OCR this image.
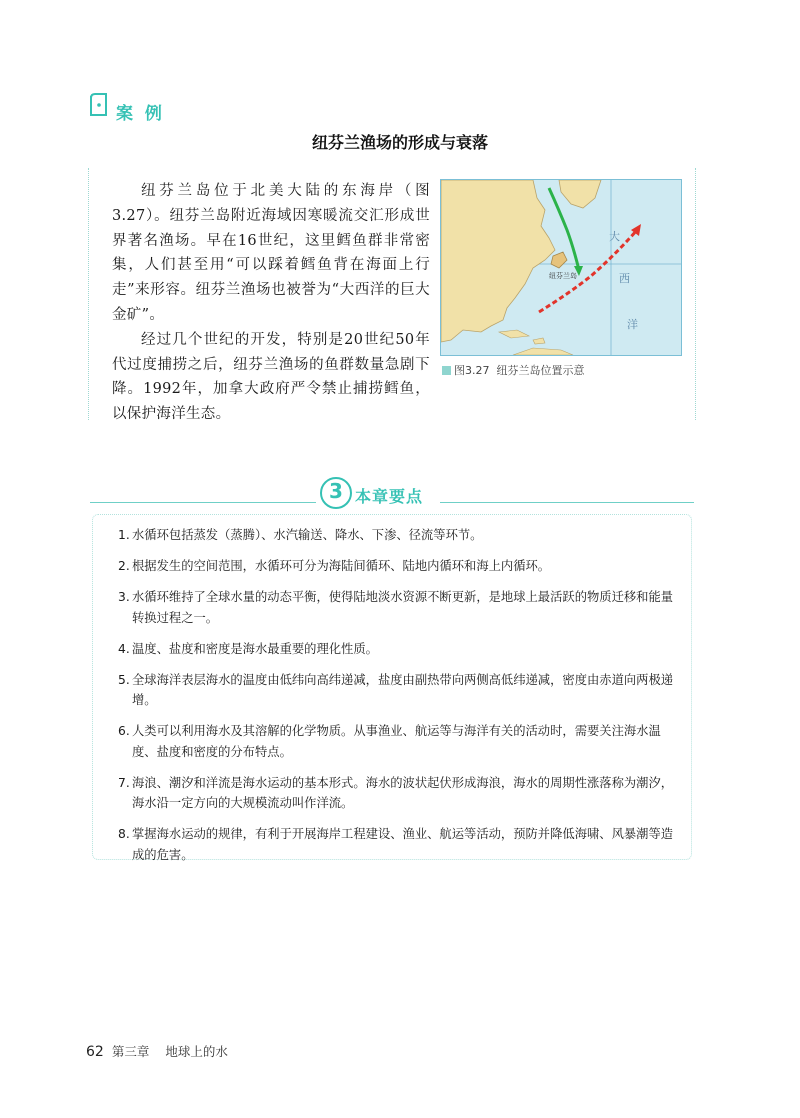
案 例
纽芬兰渔场的形成与衰落

纽芬兰岛位于北美大陆的东海岸（图3.27）。纽芬兰岛附近海域因寒暖流交汇形成世界著名渔场。早在16世纪，这里鳕鱼群非常密集，人们甚至用“可以踩着鳕鱼背在海面上行走”来形容。纽芬兰渔场也被誉为“大西洋的巨大金矿”。

经过几个世纪的开发，特别是20世纪50年代过度捕捞之后，纽芬兰渔场的鱼群数量急剧下降。1992年，加拿大政府严令禁止捕捞鳕鱼，以保护海洋生态。

大
西
洋
纽芬兰岛
图3.27 纽芬兰岛位置示意
3 本章要点
1. 水循环包括蒸发（蒸腾）、水汽输送、降水、下渗、径流等环节。
2. 根据发生的空间范围，水循环可分为海陆间循环、陆地内循环和海上内循环。
3. 水循环维持了全球水量的动态平衡，使得陆地淡水资源不断更新，是地球上最活跃的物质迁移和能量转换过程之一。
4. 温度、盐度和密度是海水最重要的理化性质。
5. 全球海洋表层海水的温度由低纬向高纬递减，盐度由副热带向两侧高低纬递减，密度由赤道向两极递增。
6. 人类可以利用海水及其溶解的化学物质。从事渔业、航运等与海洋有关的活动时，需要关注海水温度、盐度和密度的分布特点。
7. 海浪、潮汐和洋流是海水运动的基本形式。海水的波状起伏形成海浪，海水的周期性涨落称为潮汐，海水沿一定方向的大规模流动叫作洋流。
8. 掌握海水运动的规律，有利于开展海岸工程建设、渔业、航运等活动，预防并降低海啸、风暴潮等造成的危害。
62 第三章 地球上的水
